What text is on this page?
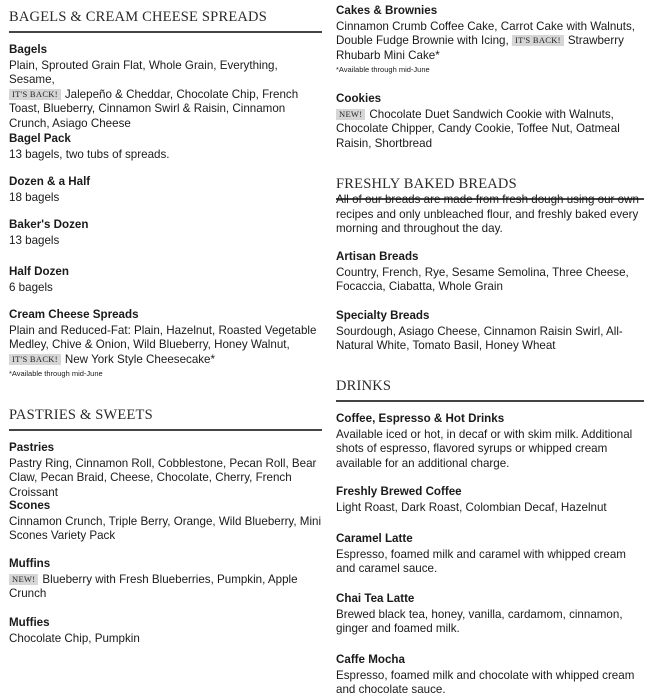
BAGELS & CREAM CHEESE SPREADS
Bagels
Plain, Sprouted Grain Flat, Whole Grain, Everything, Sesame,
IT'S BACK! Jalepeño & Cheddar, Chocolate Chip, French Toast, Blueberry, Cinnamon Swirl & Raisin, Cinnamon Crunch, Asiago Cheese
Bagel Pack
13 bagels, two tubs of spreads.
Dozen & a Half
18 bagels
Baker's Dozen
13 bagels
Half Dozen
6 bagels
Cream Cheese Spreads
Plain and Reduced-Fat: Plain, Hazelnut, Roasted Vegetable Medley, Chive & Onion, Wild Blueberry, Honey Walnut,
IT'S BACK! New York Style Cheesecake*
*Available through mid-June
PASTRIES & SWEETS
Pastries
Pastry Ring, Cinnamon Roll, Cobblestone, Pecan Roll, Bear Claw, Pecan Braid, Cheese, Chocolate, Cherry, French Croissant
Scones
Cinnamon Crunch, Triple Berry, Orange, Wild Blueberry, Mini Scones Variety Pack
Muffins
NEW! Blueberry with Fresh Blueberries, Pumpkin, Apple Crunch
Muffies
Chocolate Chip, Pumpkin
Cakes & Brownies
Cinnamon Crumb Coffee Cake, Carrot Cake with Walnuts, Double Fudge Brownie with Icing, IT'S BACK! Strawberry Rhubarb Mini Cake*
*Available through mid-June
Cookies
NEW! Chocolate Duet Sandwich Cookie with Walnuts, Chocolate Chipper, Candy Cookie, Toffee Nut, Oatmeal Raisin, Shortbread
FRESHLY BAKED BREADS
All of our breads are made from fresh dough using our own recipes and only unbleached flour, and freshly baked every morning and throughout the day.
Artisan Breads
Country, French, Rye, Sesame Semolina, Three Cheese, Focaccia, Ciabatta, Whole Grain
Specialty Breads
Sourdough, Asiago Cheese, Cinnamon Raisin Swirl, All-Natural White, Tomato Basil, Honey Wheat
DRINKS
Coffee, Espresso & Hot Drinks
Available iced or hot, in decaf or with skim milk. Additional shots of espresso, flavored syrups or whipped cream available for an additional charge.
Freshly Brewed Coffee
Light Roast, Dark Roast, Colombian Decaf, Hazelnut
Caramel Latte
Espresso, foamed milk and caramel with whipped cream and caramel sauce.
Chai Tea Latte
Brewed black tea, honey, vanilla, cardamom, cinnamon, ginger and foamed milk.
Caffe Mocha
Espresso, foamed milk and chocolate with whipped cream and chocolate sauce.
